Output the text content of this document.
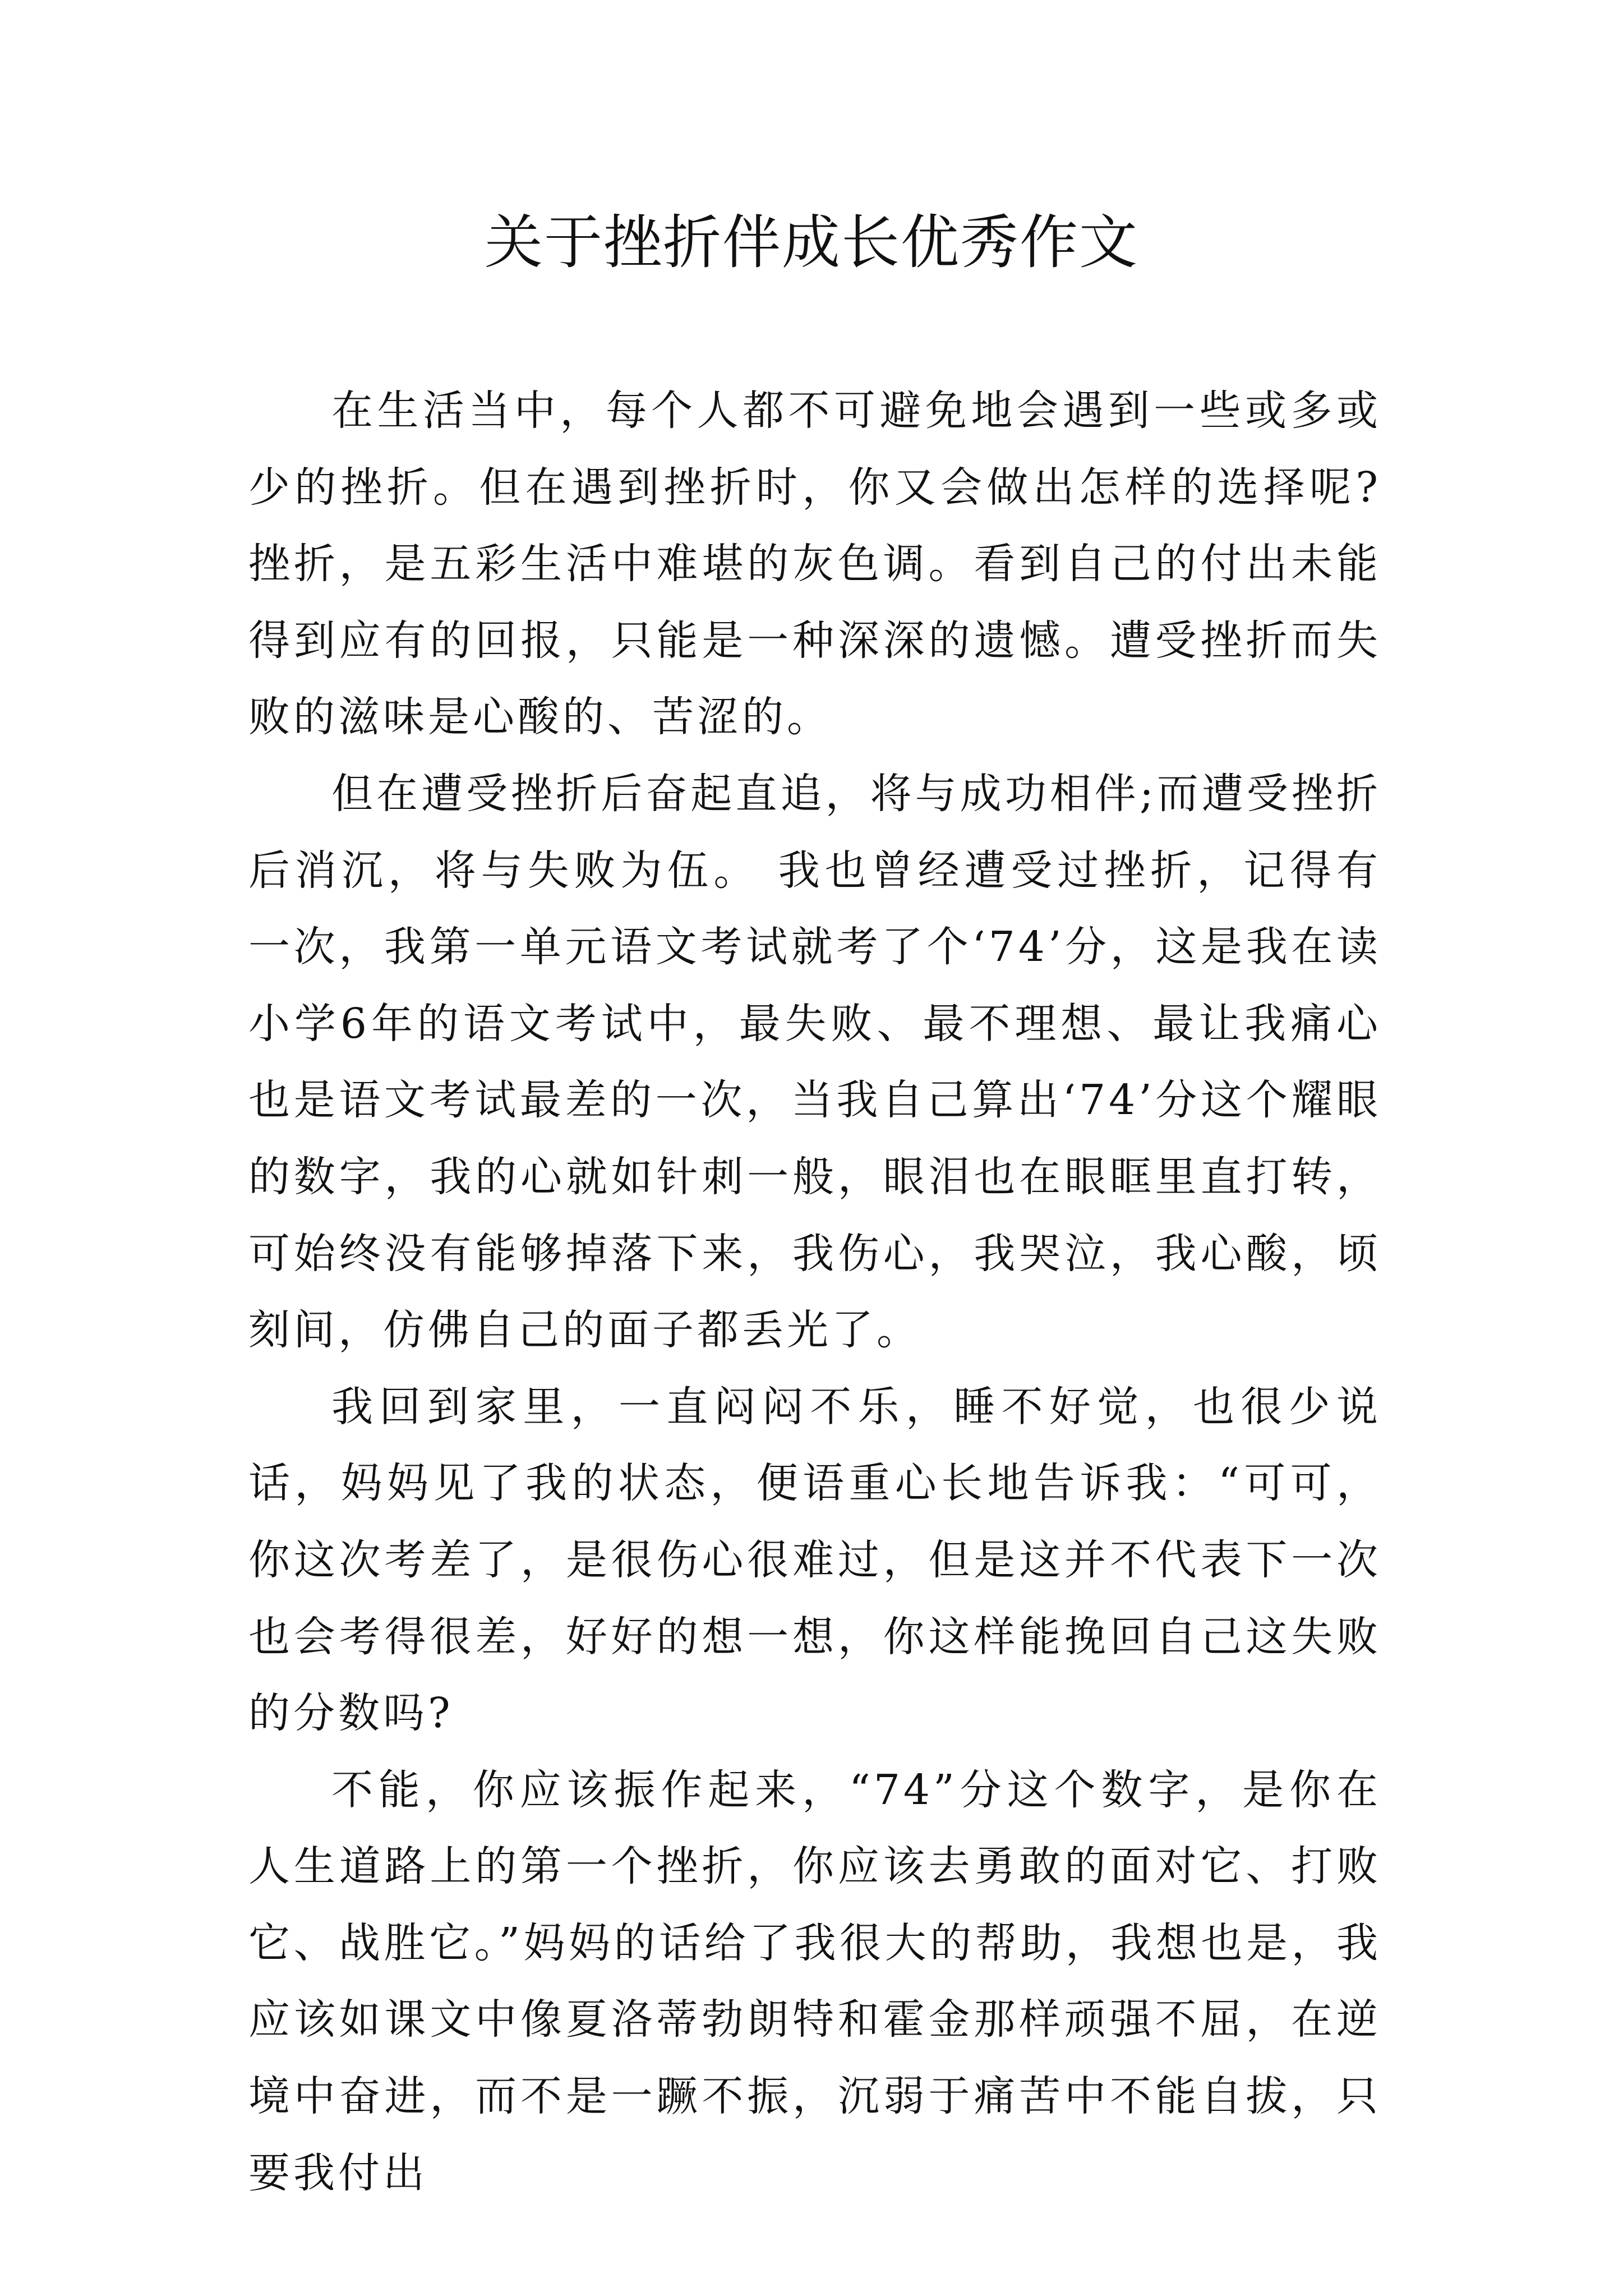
关于挫折伴成长优秀作文

在生活当中，每个人都不可避免地会遇到一些或多或少的挫折。但在遇到挫折时，你又会做出怎样的选择呢?挫折，是五彩生活中难堪的灰色调。看到自己的付出未能得到应有的回报，只能是一种深深的遗憾。遭受挫折而失败的滋味是心酸的、苦涩的。

但在遭受挫折后奋起直追，将与成功相伴;而遭受挫折后消沉，将与失败为伍。 我也曾经遭受过挫折，记得有一次，我第一单元语文考试就考了个‘74’分，这是我在读小学6年的语文考试中，最失败、最不理想、最让我痛心也是语文考试最差的一次，当我自己算出‘74’分这个耀眼的数字，我的心就如针刺一般，眼泪也在眼眶里直打转，可始终没有能够掉落下来，我伤心，我哭泣，我心酸，顷刻间，仿佛自己的面子都丢光了。

我回到家里，一直闷闷不乐，睡不好觉，也很少说话，妈妈见了我的状态，便语重心长地告诉我：“可可，你这次考差了，是很伤心很难过，但是这并不代表下一次也会考得很差，好好的想一想，你这样能挽回自己这失败的分数吗?

不能，你应该振作起来，“74”分这个数字，是你在人生道路上的第一个挫折，你应该去勇敢的面对它、打败它、战胜它。”妈妈的话给了我很大的帮助，我想也是，我应该如课文中像夏洛蒂勃朗特和霍金那样顽强不屈，在逆境中奋进，而不是一蹶不振，沉弱于痛苦中不能自拔，只要我付出
